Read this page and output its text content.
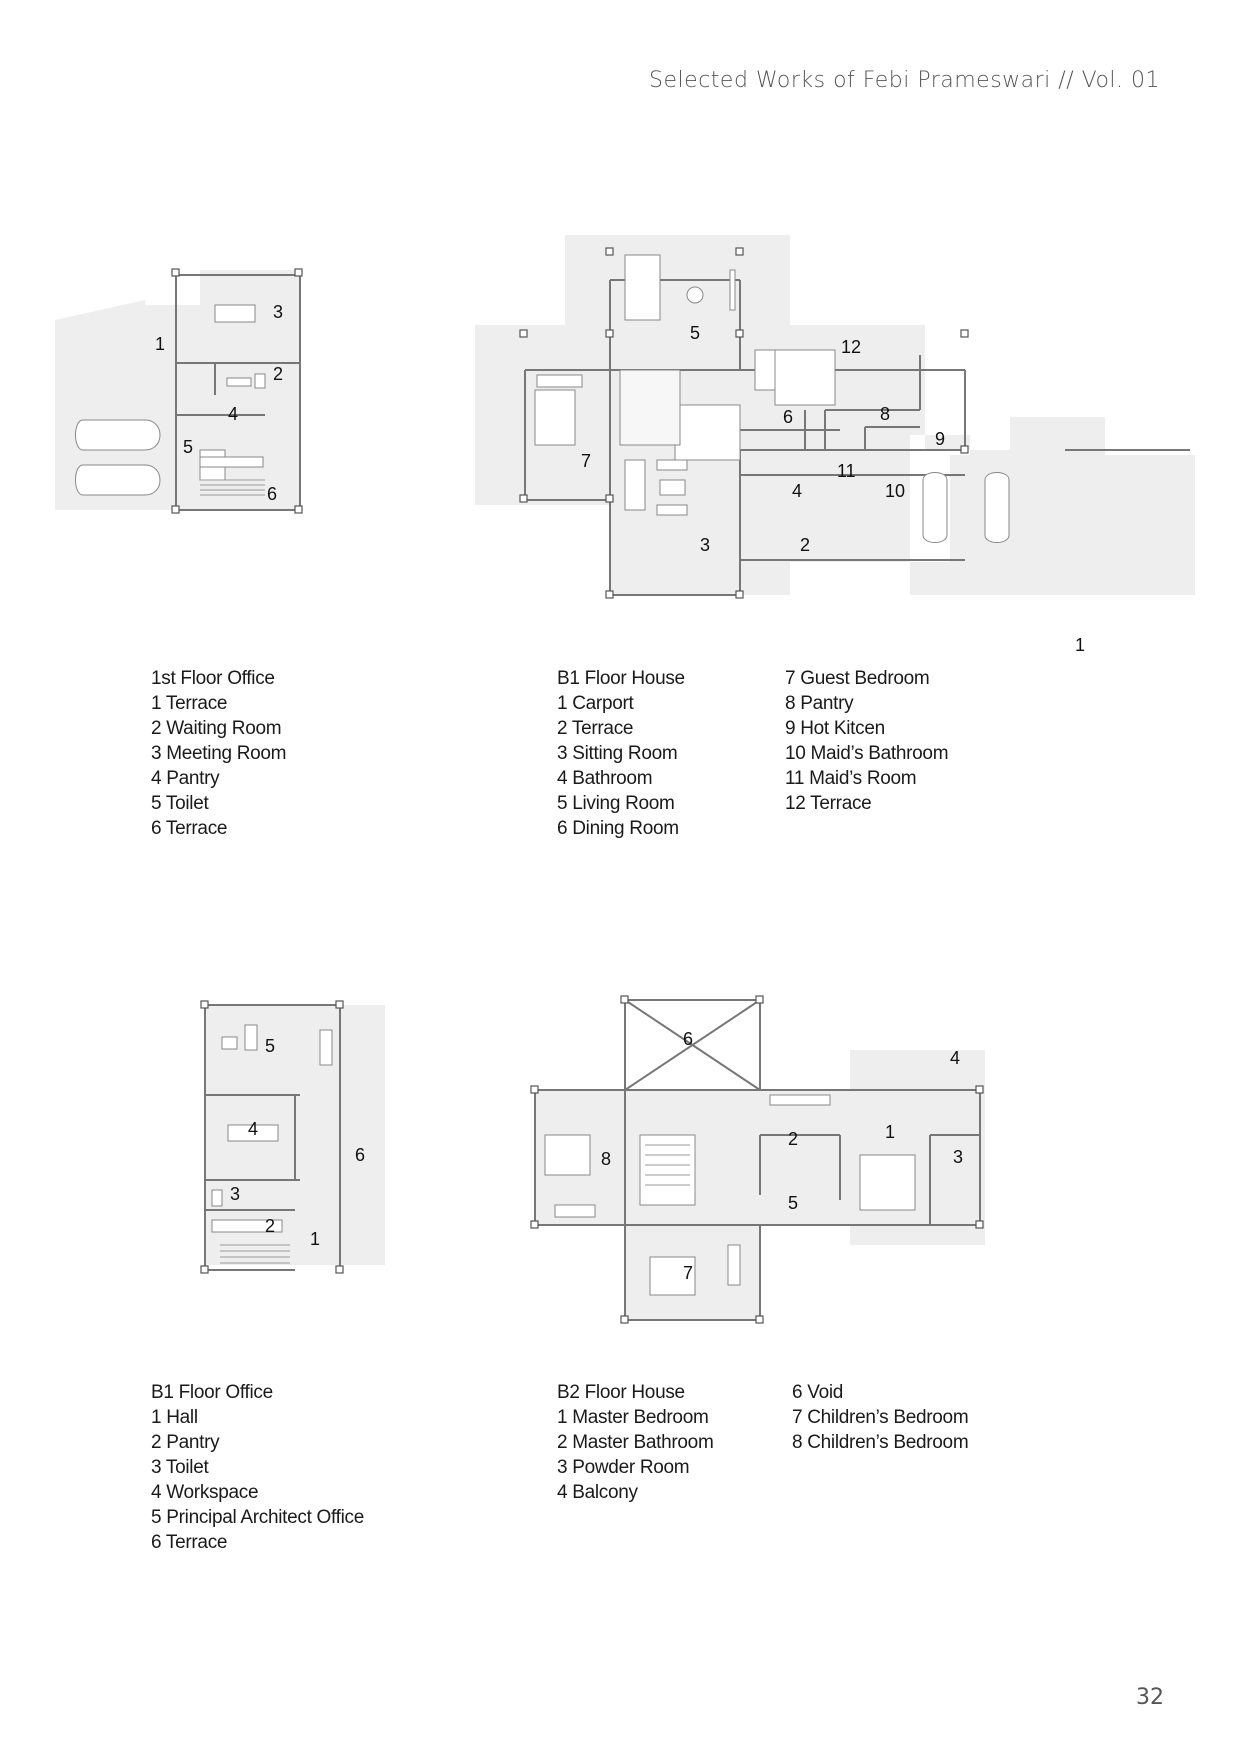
Selected Works of Febi Prameswari // Vol. 01
1
2
3
4
5
6
1st Floor Office
1 Terrace
2 Waiting Room
3 Meeting Room
4 Pantry
5 Toilet
6 Terrace
1
2
3
4
5
6
7
8
9
10
11
12
B1 Floor House
1 Carport
2 Terrace
3 Sitting Room
4 Bathroom
5 Living Room
6 Dining Room
7 Guest Bedroom
8 Pantry
9 Hot Kitcen
10 Maid’s Bathroom
11 Maid’s Room
12 Terrace
1
2
3
4
5
6
B1 Floor Office
1 Hall
2 Pantry
3 Toilet
4 Workspace
5 Principal Architect Office
6 Terrace
1
2
3
4
5
6
7
8
B2 Floor House
1 Master Bedroom
2 Master Bathroom
3 Powder Room
4 Balcony
6 Void
7 Children’s Bedroom
8 Children’s Bedroom
32
